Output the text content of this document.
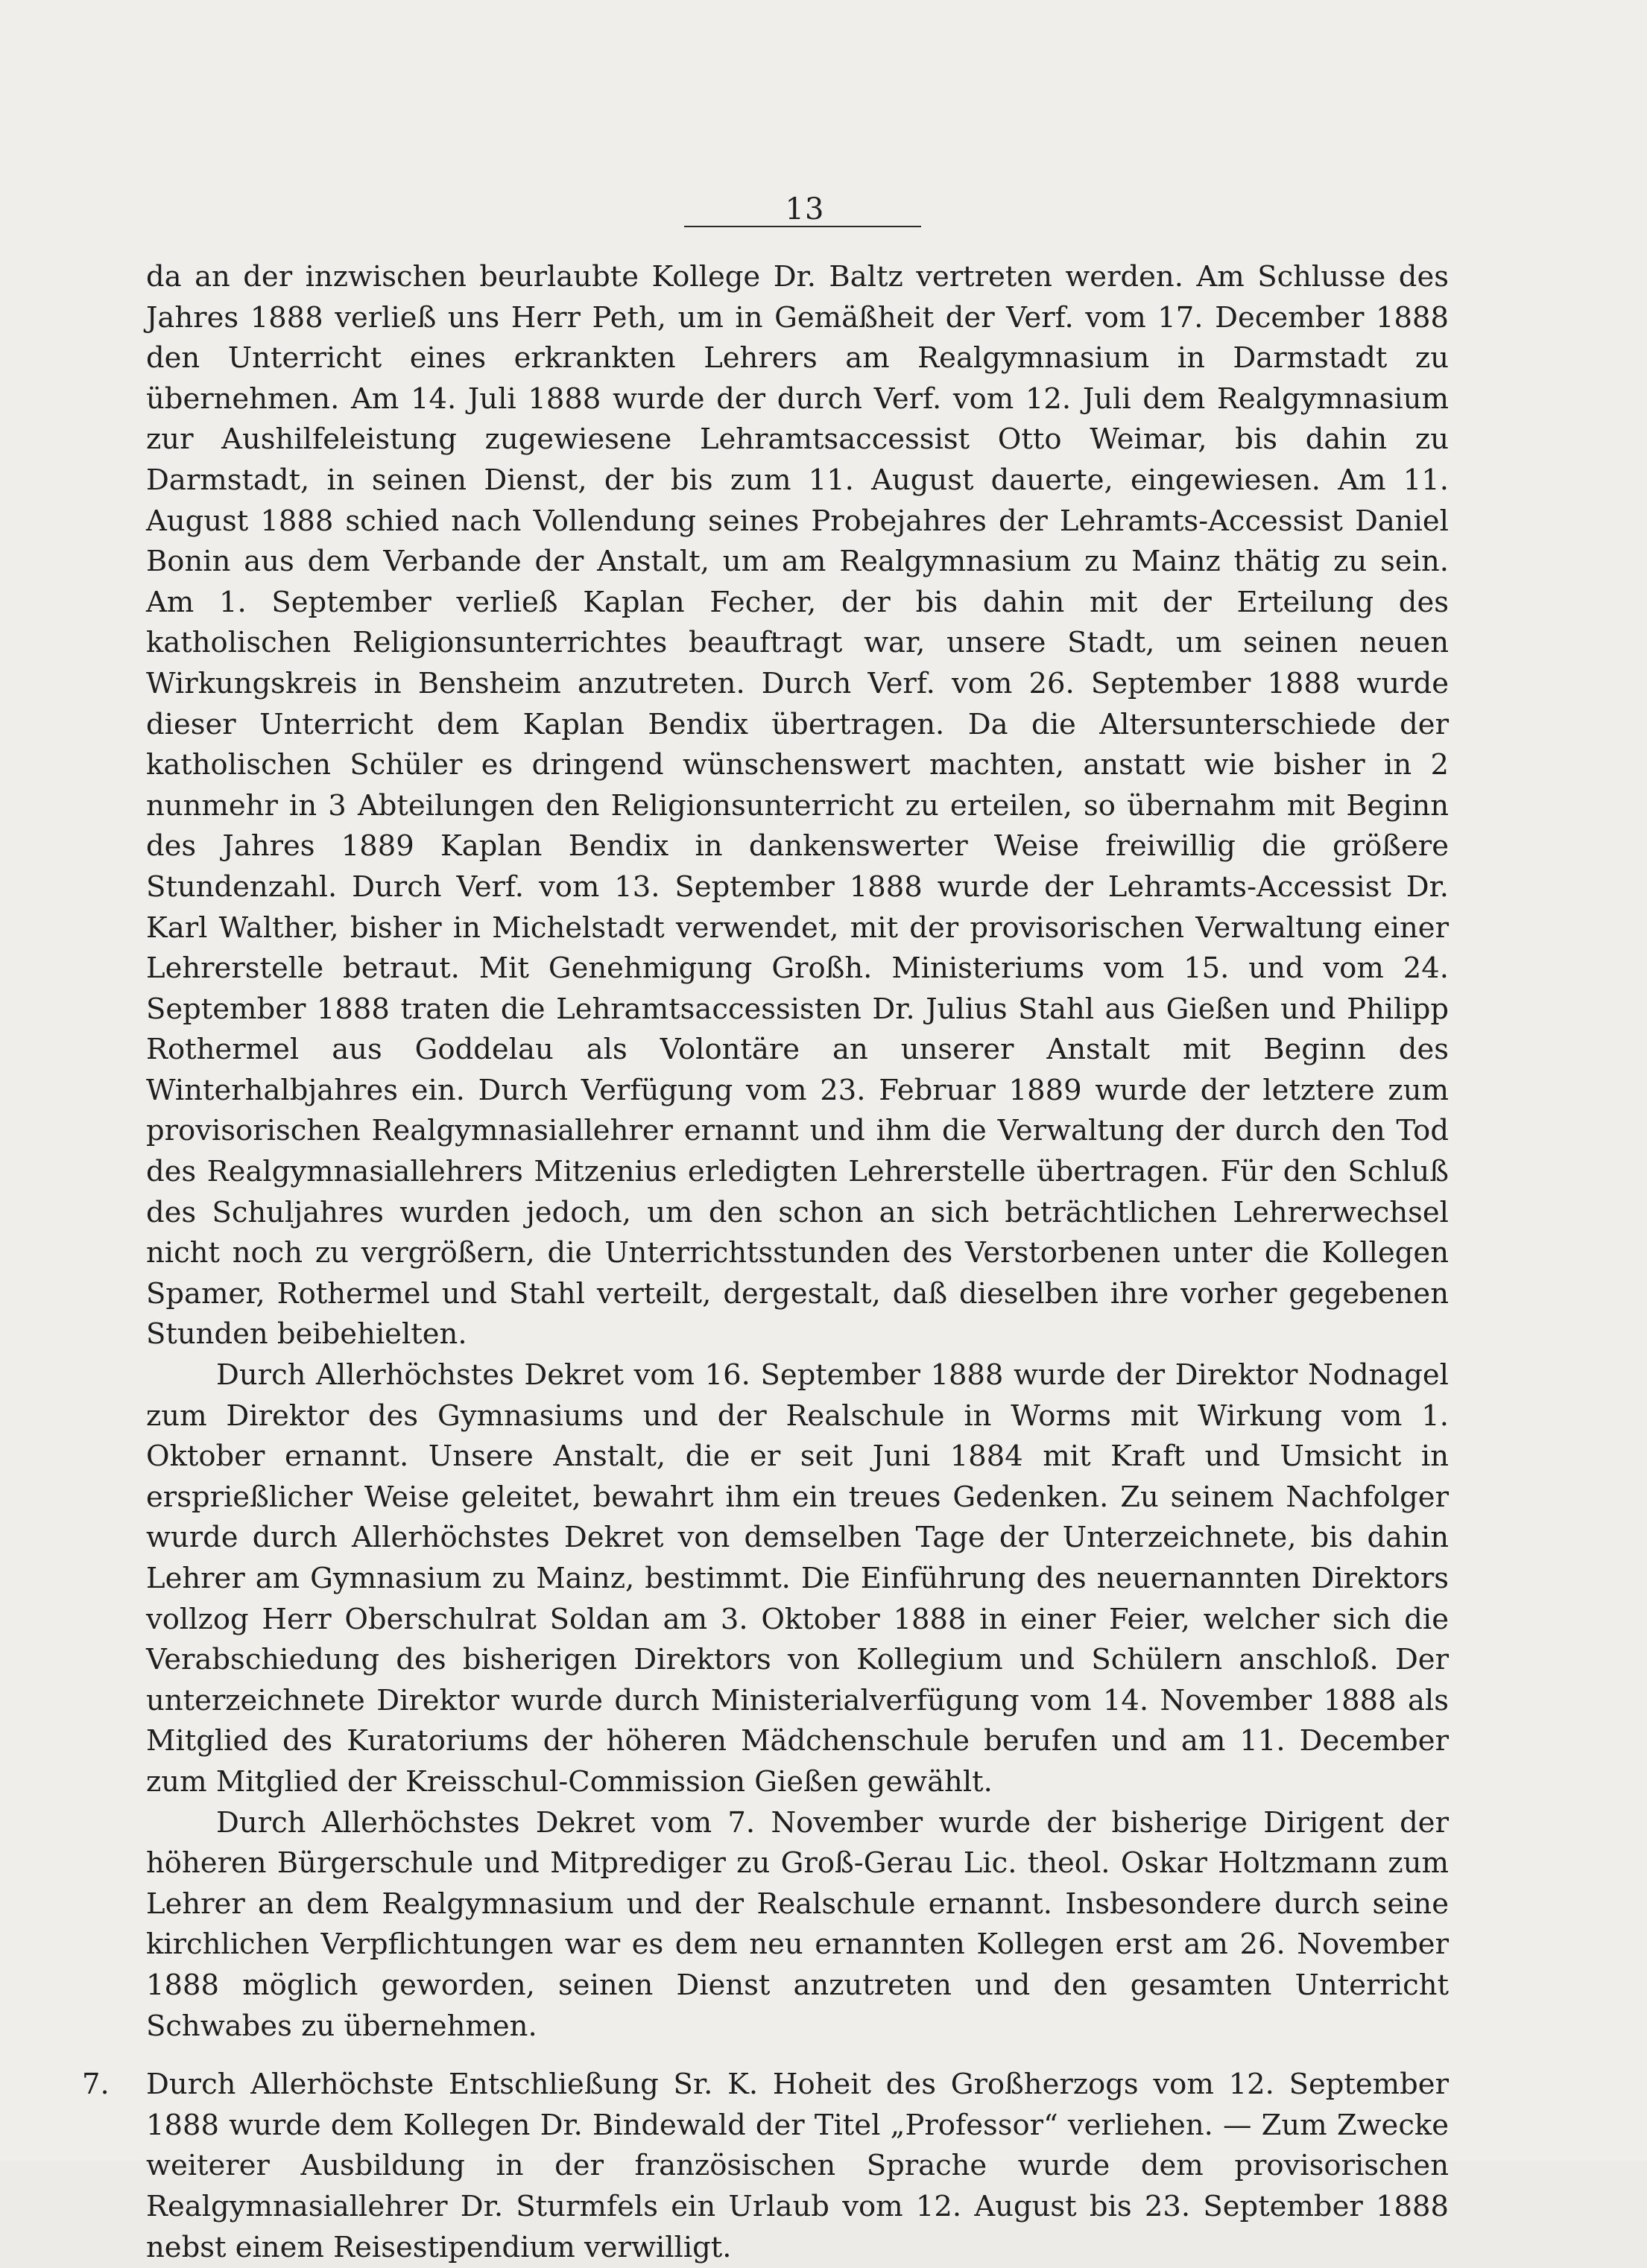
13

da an der inzwischen beurlaubte Kollege Dr. Baltz vertreten werden. Am Schlusse des Jahres 1888 verließ uns Herr Peth, um in Gemäßheit der Verf. vom 17. December 1888 den Unterricht eines erkrankten Lehrers am Realgymnasium in Darmstadt zu übernehmen. Am 14. Juli 1888 wurde der durch Verf. vom 12. Juli dem Realgymnasium zur Aushilfeleistung zugewiesene Lehramtsaccessist Otto Weimar, bis dahin zu Darmstadt, in seinen Dienst, der bis zum 11. August dauerte, eingewiesen. Am 11. August 1888 schied nach Vollendung seines Probejahres der Lehramts-Accessist Daniel Bonin aus dem Verbande der Anstalt, um am Realgymnasium zu Mainz thätig zu sein. Am 1. September verließ Kaplan Fecher, der bis dahin mit der Erteilung des katholischen Religionsunterrichtes beauftragt war, unsere Stadt, um seinen neuen Wirkungskreis in Bensheim anzutreten. Durch Verf. vom 26. September 1888 wurde dieser Unterricht dem Kaplan Bendix übertragen. Da die Altersunterschiede der katholischen Schüler es dringend wünschenswert machten, anstatt wie bisher in 2 nunmehr in 3 Abteilungen den Religionsunterricht zu erteilen, so übernahm mit Beginn des Jahres 1889 Kaplan Bendix in dankenswerter Weise freiwillig die größere Stundenzahl. Durch Verf. vom 13. September 1888 wurde der Lehramts-Accessist Dr. Karl Walther, bisher in Michelstadt verwendet, mit der provisorischen Verwaltung einer Lehrerstelle betraut. Mit Genehmigung Großh. Ministeriums vom 15. und vom 24. September 1888 traten die Lehramtsaccessisten Dr. Julius Stahl aus Gießen und Philipp Rothermel aus Goddelau als Volontäre an unserer Anstalt mit Beginn des Winterhalbjahres ein. Durch Verfügung vom 23. Februar 1889 wurde der letztere zum provisorischen Realgymnasiallehrer ernannt und ihm die Verwaltung der durch den Tod des Realgymnasiallehrers Mitzenius erledigten Lehrerstelle übertragen. Für den Schluß des Schuljahres wurden jedoch, um den schon an sich beträchtlichen Lehrerwechsel nicht noch zu vergrößern, die Unterrichtsstunden des Verstorbenen unter die Kollegen Spamer, Rothermel und Stahl verteilt, dergestalt, daß dieselben ihre vorher gegebenen Stunden beibehielten.

Durch Allerhöchstes Dekret vom 16. September 1888 wurde der Direktor Nodnagel zum Direktor des Gymnasiums und der Realschule in Worms mit Wirkung vom 1. Oktober ernannt. Unsere Anstalt, die er seit Juni 1884 mit Kraft und Umsicht in ersprießlicher Weise geleitet, bewahrt ihm ein treues Gedenken. Zu seinem Nachfolger wurde durch Allerhöchstes Dekret von demselben Tage der Unterzeichnete, bis dahin Lehrer am Gymnasium zu Mainz, bestimmt. Die Einführung des neuernannten Direktors vollzog Herr Oberschulrat Soldan am 3. Oktober 1888 in einer Feier, welcher sich die Verabschiedung des bisherigen Direktors von Kollegium und Schülern anschloß. Der unterzeichnete Direktor wurde durch Ministerialverfügung vom 14. November 1888 als Mitglied des Kuratoriums der höheren Mädchenschule berufen und am 11. December zum Mitglied der Kreisschul-Commission Gießen gewählt.

Durch Allerhöchstes Dekret vom 7. November wurde der bisherige Dirigent der höheren Bürgerschule und Mitprediger zu Groß-Gerau Lic. theol. Oskar Holtzmann zum Lehrer an dem Realgymnasium und der Realschule ernannt. Insbesondere durch seine kirchlichen Verpflichtungen war es dem neu ernannten Kollegen erst am 26. November 1888 möglich geworden, seinen Dienst anzutreten und den gesamten Unterricht Schwabes zu übernehmen.

7. Durch Allerhöchste Entschließung Sr. K. Hoheit des Großherzogs vom 12. September 1888 wurde dem Kollegen Dr. Bindewald der Titel „Professor“ verliehen. — Zum Zwecke weiterer Ausbildung in der französischen Sprache wurde dem provisorischen Realgymnasiallehrer Dr. Sturmfels ein Urlaub vom 12. August bis 23. September 1888 nebst einem Reisestipendium verwilligt.
